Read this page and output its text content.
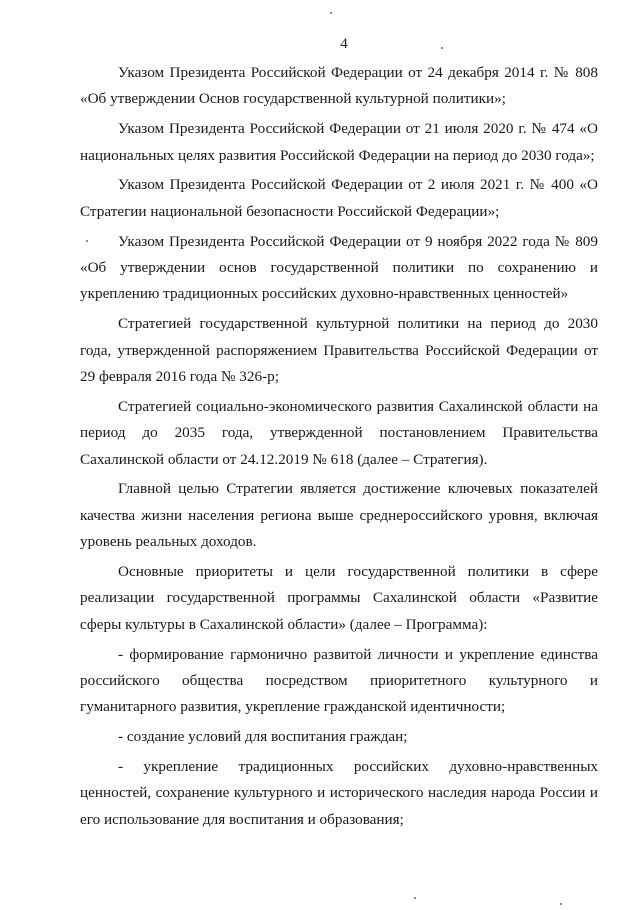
4

Указом Президента Российской Федерации от 24 декабря 2014 г. № 808 «Об утверждении Основ государственной культурной политики»;

Указом Президента Российской Федерации от 21 июля 2020 г. № 474 «О национальных целях развития Российской Федерации на период до 2030 года»;

Указом Президента Российской Федерации от 2 июля 2021 г. № 400 «О Стратегии национальной безопасности Российской Федерации»;

Указом Президента Российской Федерации от 9 ноября 2022 года № 809 «Об утверждении основ государственной политики по сохранению и укреплению традиционных российских духовно-нравственных ценностей»

Стратегией государственной культурной политики на период до 2030 года, утвержденной распоряжением Правительства Российской Федерации от 29 февраля 2016 года № 326-р;

Стратегией социально-экономического развития Сахалинской области на период до 2035 года, утвержденной постановлением Правительства Сахалинской области от 24.12.2019 № 618 (далее – Стратегия).

Главной целью Стратегии является достижение ключевых показателей качества жизни населения региона выше среднероссийского уровня, включая уровень реальных доходов.

Основные приоритеты и цели государственной политики в сфере реализации государственной программы Сахалинской области «Развитие сферы культуры в Сахалинской области» (далее – Программа):

- формирование гармонично развитой личности и укрепление единства российского общества посредством приоритетного культурного и гуманитарного развития, укрепление гражданской идентичности;

- создание условий для воспитания граждан;

- укрепление традиционных российских духовно-нравственных ценностей, сохранение культурного и исторического наследия народа России и его использование для воспитания и образования;
